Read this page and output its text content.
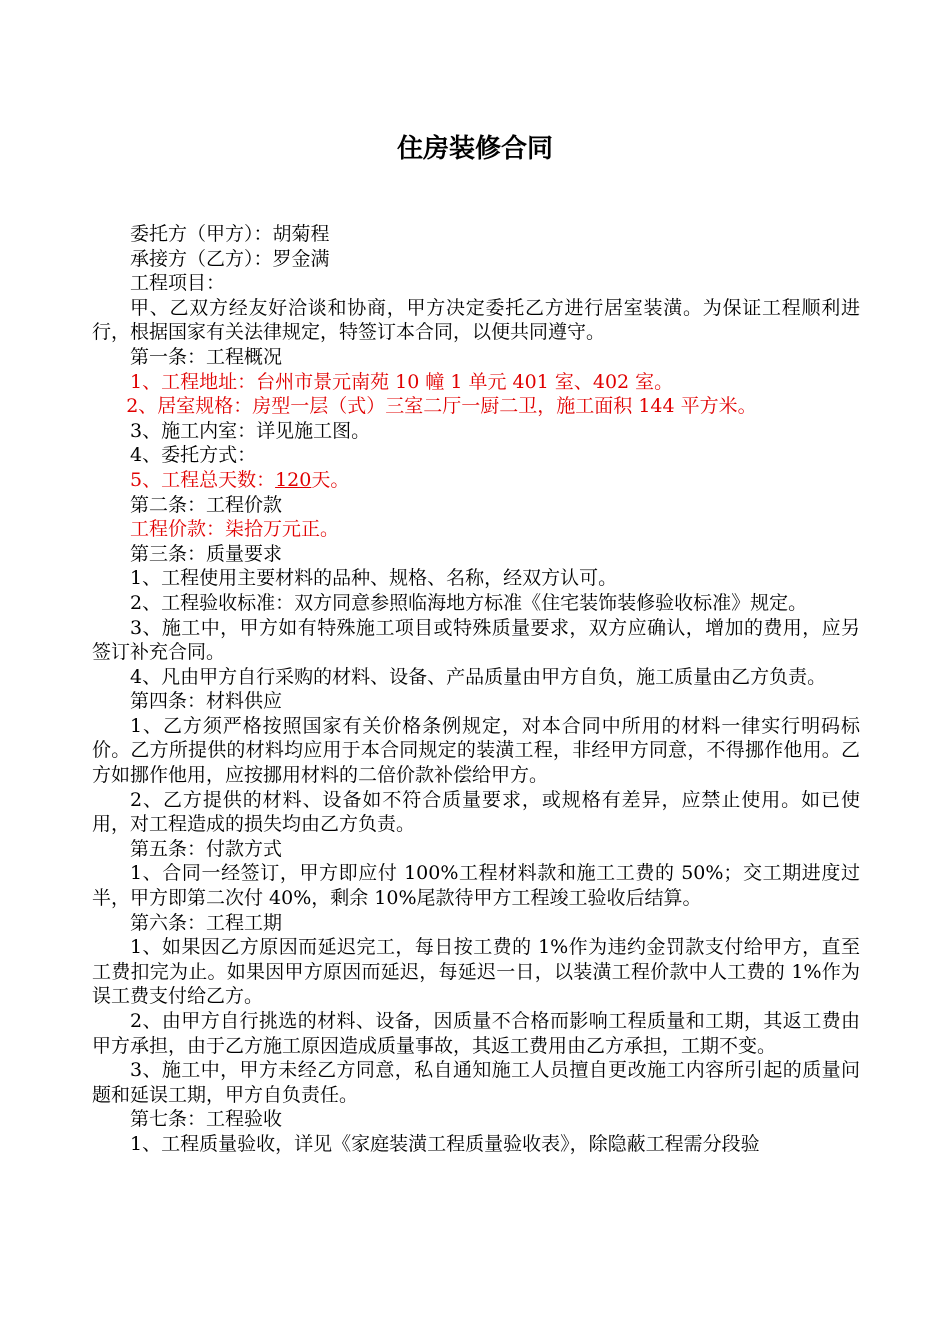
住房装修合同

委托方（甲方）：胡菊程

承接方（乙方）：罗金满

工程项目：

甲、乙双方经友好洽谈和协商，甲方决定委托乙方进行居室装潢。为保证工程顺利进行，根据国家有关法律规定，特签订本合同，以便共同遵守。

第一条：工程概况

1、工程地址：台州市景元南苑 10 幢 1 单元 401 室、402 室。

2、居室规格：房型一层（式）三室二厅一厨二卫，施工面积 144 平方米。

3、施工内室：详见施工图。

4、委托方式：

5、工程总天数：120天。

第二条：工程价款

工程价款：柒拾万元正。

第三条：质量要求

1、工程使用主要材料的品种、规格、名称，经双方认可。

2、工程验收标准：双方同意参照临海地方标准《住宅装饰装修验收标准》规定。

3、施工中，甲方如有特殊施工项目或特殊质量要求，双方应确认，增加的费用，应另签订补充合同。

4、凡由甲方自行采购的材料、设备、产品质量由甲方自负，施工质量由乙方负责。

第四条：材料供应

1、乙方须严格按照国家有关价格条例规定，对本合同中所用的材料一律实行明码标价。乙方所提供的材料均应用于本合同规定的装潢工程，非经甲方同意，不得挪作他用。乙方如挪作他用，应按挪用材料的二倍价款补偿给甲方。

2、乙方提供的材料、设备如不符合质量要求，或规格有差异，应禁止使用。如已使用，对工程造成的损失均由乙方负责。

第五条：付款方式

1、合同一经签订，甲方即应付 100%工程材料款和施工工费的 50%；交工期进度过半，甲方即第二次付 40%，剩余 10%尾款待甲方工程竣工验收后结算。

第六条：工程工期

1、如果因乙方原因而延迟完工，每日按工费的 1%作为违约金罚款支付给甲方，直至工费扣完为止。如果因甲方原因而延迟，每延迟一日，以装潢工程价款中人工费的 1%作为误工费支付给乙方。

2、由甲方自行挑选的材料、设备，因质量不合格而影响工程质量和工期，其返工费由甲方承担，由于乙方施工原因造成质量事故，其返工费用由乙方承担，工期不变。

3、施工中，甲方未经乙方同意，私自通知施工人员擅自更改施工内容所引起的质量问题和延误工期，甲方自负责任。

第七条：工程验收

1、工程质量验收，详见《家庭装潢工程质量验收表》，除隐蔽工程需分段验
